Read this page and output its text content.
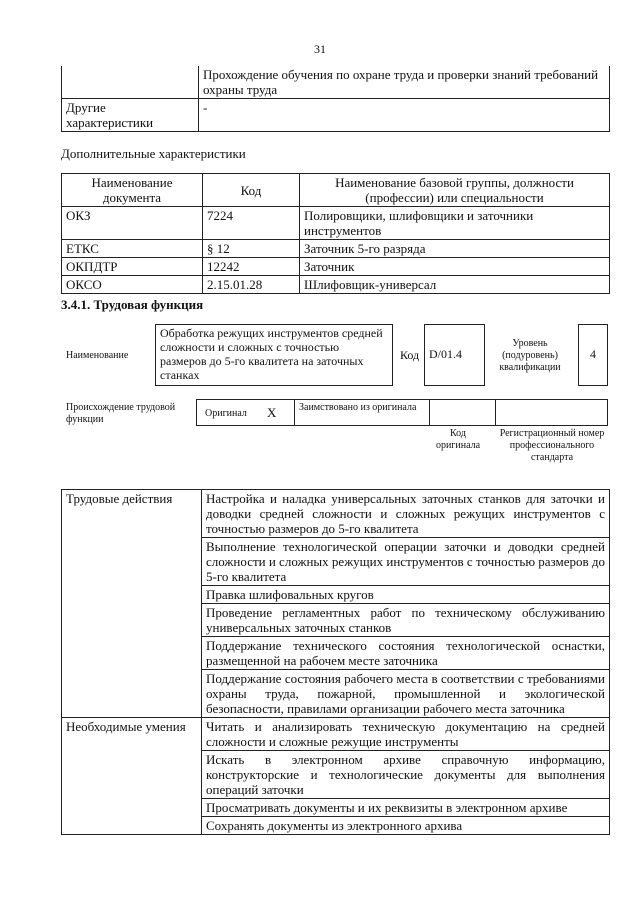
31
	Прохождение обучения по охране труда и проверки знаний требований охраны труда
Другие характеристики	-
Дополнительные характеристики
Наименование документа	Код	Наименование базовой группы, должности (профессии) или специальности
ОКЗ	7224	Полировщики, шлифовщики и заточники инструментов
ЕТКС	§ 12	Заточник 5-го разряда
ОКПДТР	12242	Заточник
ОКСО	2.15.01.28	Шлифовщик-универсал
3.4.1. Трудовая функция
Наименование
Обработка режущих инструментов средней сложности и сложных с точностью размеров до 5-го квалитета на заточных станках
Код D/01.4
Уровень (подуровень) квалификации
4
Происхождение трудовой функции
Оригинал X Заимствовано из оригинала
Код оригинала
Регистрационный номер профессионального стандарта
Трудовые действия	Настройка и наладка универсальных заточных станков для заточки и доводки средней сложности и сложных режущих инструментов с точностью размеров до 5-го квалитета
	Выполнение технологической операции заточки и доводки средней сложности и сложных режущих инструментов с точностью размеров до 5-го квалитета
	Правка шлифовальных кругов
	Проведение регламентных работ по техническому обслуживанию универсальных заточных станков
	Поддержание технического состояния технологической оснастки, размещенной на рабочем месте заточника
	Поддержание состояния рабочего места в соответствии с требованиями охраны труда, пожарной, промышленной и экологической безопасности, правилами организации рабочего места заточника
Необходимые умения	Читать и анализировать техническую документацию на средней сложности и сложные режущие инструменты
	Искать в электронном архиве справочную информацию, конструкторские и технологические документы для выполнения операций заточки
	Просматривать документы и их реквизиты в электронном архиве
	Сохранять документы из электронного архива
